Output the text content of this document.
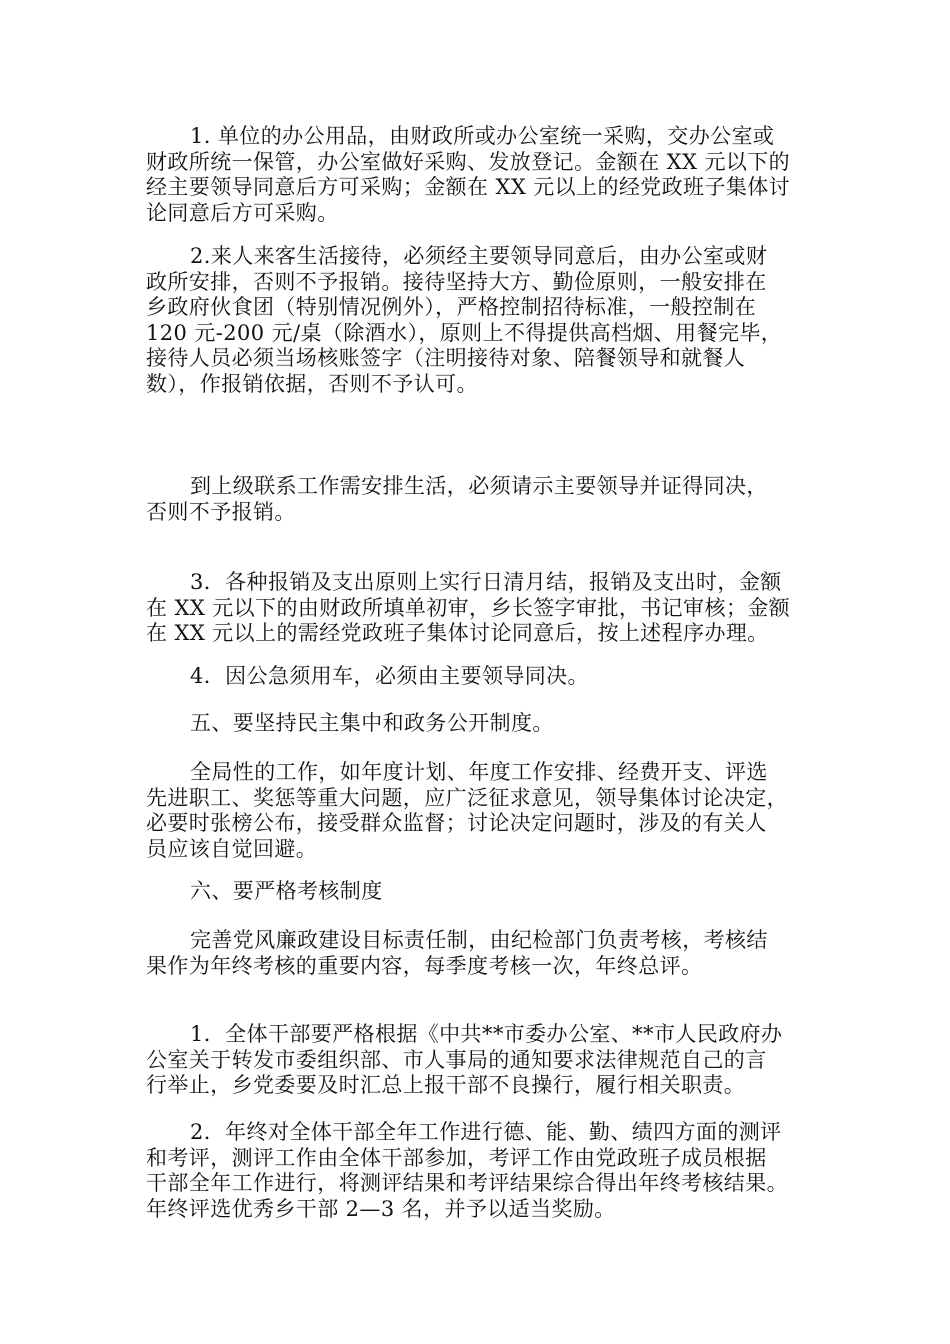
1. 单位的办公用品，由财政所或办公室统一采购，交办公室或
财政所统一保管，办公室做好采购、发放登记。金额在 XX 元以下的
经主要领导同意后方可采购；金额在 XX 元以上的经党政班子集体讨
论同意后方可采购。
2.来人来客生活接待，必须经主要领导同意后，由办公室或财
政所安排，否则不予报销。接待坚持大方、勤俭原则，一般安排在
乡政府伙食团（特别情况例外），严格控制招待标准，一般控制在
120 元-200 元/桌（除酒水），原则上不得提供高档烟、用餐完毕，
接待人员必须当场核账签字（注明接待对象、陪餐领导和就餐人
数），作报销依据，否则不予认可。
到上级联系工作需安排生活，必须请示主要领导并证得同决，
否则不予报销。
3．各种报销及支出原则上实行日清月结，报销及支出时，金额
在 XX 元以下的由财政所填单初审，乡长签字审批，书记审核；金额
在 XX 元以上的需经党政班子集体讨论同意后，按上述程序办理。
4．因公急须用车，必须由主要领导同决。
五、要坚持民主集中和政务公开制度。
全局性的工作，如年度计划、年度工作安排、经费开支、评选
先进职工、奖惩等重大问题，应广泛征求意见，领导集体讨论决定，
必要时张榜公布，接受群众监督；讨论决定问题时，涉及的有关人
员应该自觉回避。
六、要严格考核制度
完善党风廉政建设目标责任制，由纪检部门负责考核，考核结
果作为年终考核的重要内容，每季度考核一次，年终总评。
1．全体干部要严格根据《中共**市委办公室、**市人民政府办
公室关于转发市委组织部、市人事局的通知要求法律规范自己的言
行举止，乡党委要及时汇总上报干部不良操行，履行相关职责。
2．年终对全体干部全年工作进行德、能、勤、绩四方面的测评
和考评，测评工作由全体干部参加，考评工作由党政班子成员根据
干部全年工作进行，将测评结果和考评结果综合得出年终考核结果。
年终评选优秀乡干部 2—3 名，并予以适当奖励。
